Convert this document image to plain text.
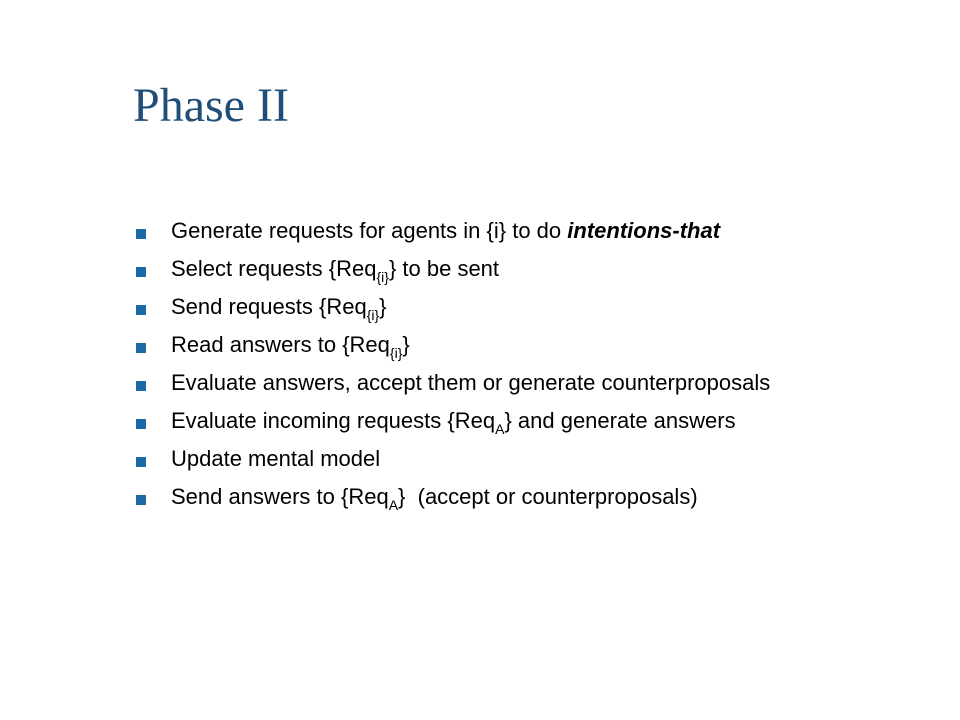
Phase II
Generate requests for agents in {i} to do intentions-that
Select requests {Req$_{\{i\}}$} to be sent
Send requests {Req$_{\{i\}}$}
Read answers to {Req$_{\{i\}}$}
Evaluate answers, accept them or generate counterproposals
Evaluate incoming requests {Req$_A$} and generate answers
Update mental model
Send answers to {Req$_A$}  (accept or counterproposals)
